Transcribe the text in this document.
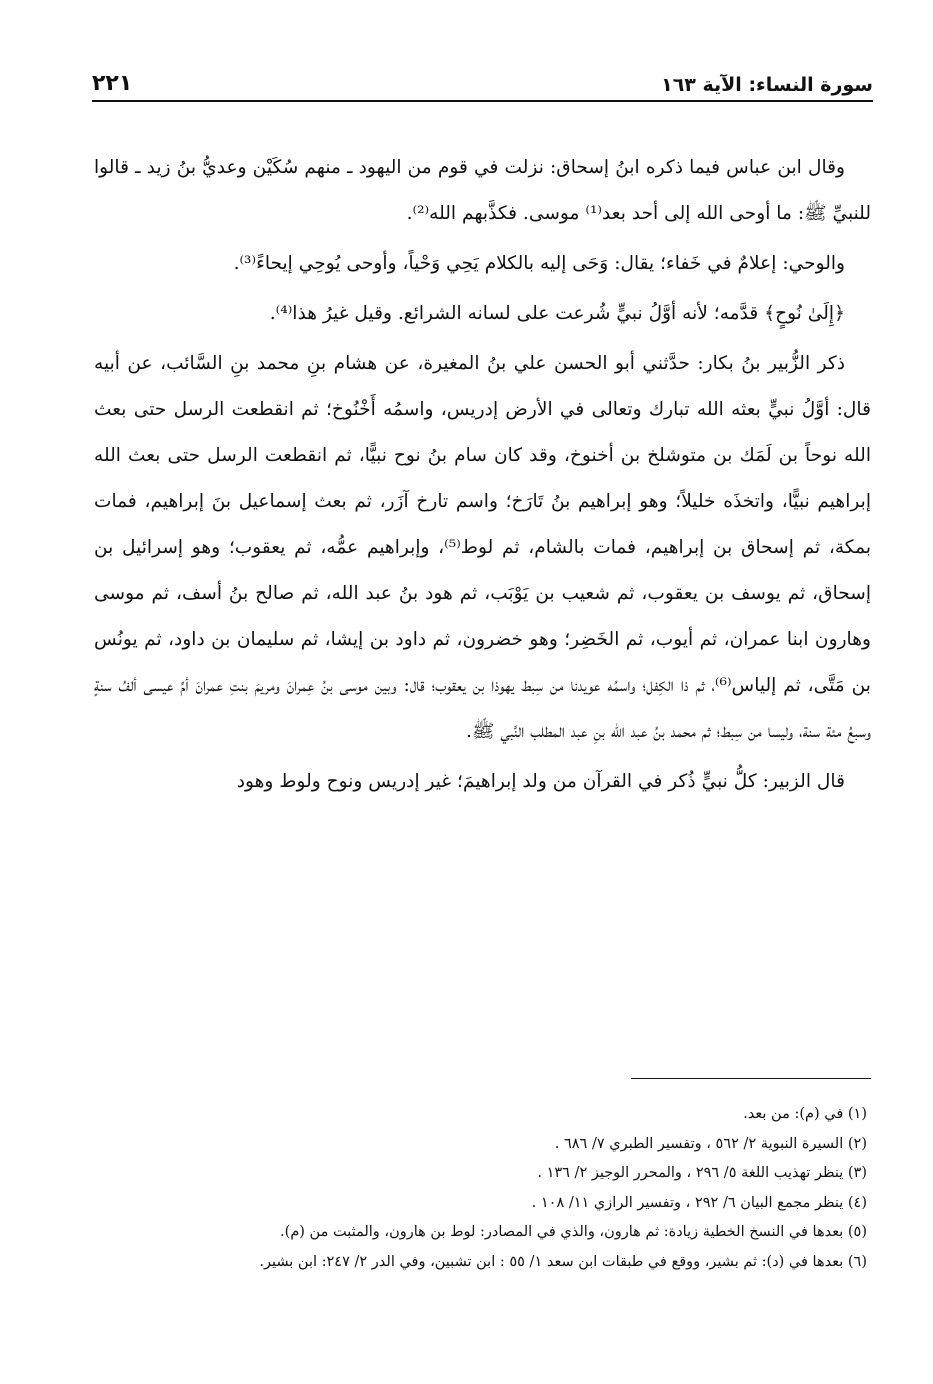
سورة النساء: الآية ١٦٣
٢٢١

وقال ابن عباس فيما ذكره ابنُ إسحاق: نزلت في قوم من اليهود ـ منهم سُكَيْن وعديُّ بنُ زيد ـ قالوا للنبيِّ ﷺ: ما أوحى الله إلى أحد بعد⁽¹⁾ موسى. فكذَّبهم الله⁽²⁾.

والوحي: إعلامٌ في خَفاء؛ يقال: وَحَى إليه بالكلام يَحِي وَحْياً، وأوحى يُوحِي إيحاءً⁽³⁾.

﴿إِلَىٰ نُوحٍ﴾ قدَّمه؛ لأنه أوَّلُ نبيٍّ شُرعت على لسانه الشرائع. وقيل غيرُ هذا⁽⁴⁾.

ذكر الزُّبير بنُ بكار: حدَّثني أبو الحسن علي بنُ المغيرة، عن هشام بنِ محمد بنِ السَّائب، عن أبيه قال: أوَّلُ نبيٍّ بعثه الله تبارك وتعالى في الأرض إدريس، واسمُه أَخْنُوخ؛ ثم انقطعت الرسل حتى بعث الله نوحاً بن لَمَك بن متوشلخ بن أخنوخ، وقد كان سام بنُ نوح نبيًّا، ثم انقطعت الرسل حتى بعث الله إبراهيم نبيًّا، واتخذَه خليلاً؛ وهو إبراهيم بنُ تَارَخ؛ واسم تارخ آزَر، ثم بعث إسماعيل بنَ إبراهيم، فمات بمكة، ثم إسحاق بن إبراهيم، فمات بالشام، ثم لوط⁽⁵⁾، وإبراهيم عمُّه، ثم يعقوب؛ وهو إسرائيل بن إسحاق، ثم يوسف بن يعقوب، ثم شعيب بن يَوْبَب، ثم هود بنُ عبد الله، ثم صالح بنُ أسف، ثم موسى وهارون ابنا عمران، ثم أيوب، ثم الخَضِر؛ وهو خضرون، ثم داود بن إيشا، ثم سليمان بن داود، ثم يونُس بن مَتَّى، ثم إلياس⁽⁶⁾، ثم ذا الكِفل؛ واسمُه عويدنا من سِبط يهوذا بن يعقوب؛ قال: وبين موسى بنُ عِمرانَ ومريمَ بنتِ عمرانَ أمِّ عيسى ألفُ سنةٍ وسبعُ مئة سنة، وليسا من سِبط؛ ثم محمد بنُ عبد الله بنِ عبد المطلب النَّبي ﷺ.

قال الزبير: كلُّ نبيٍّ ذُكر في القرآن من ولد إبراهيمَ؛ غير إدريس ونوح ولوط وهود

(١) في (م): من بعد.
(٢) السيرة النبوية ٢/ ٥٦٢ ، وتفسير الطبري ٧/ ٦٨٦ .
(٣) ينظر تهذيب اللغة ٥/ ٢٩٦ ، والمحرر الوجيز ٢/ ١٣٦ .
(٤) ينظر مجمع البيان ٦/ ٢٩٢ ، وتفسير الرازي ١١/ ١٠٨ .
(٥) بعدها في النسخ الخطية زيادة: ثم هارون، والذي في المصادر: لوط بن هارون، والمثبت من (م).
(٦) بعدها في (د): ثم بشير، ووقع في طبقات ابن سعد ١/ ٥٥ : ابن تشبين، وفي الدر ٢/ ٢٤٧: ابن بشير.
